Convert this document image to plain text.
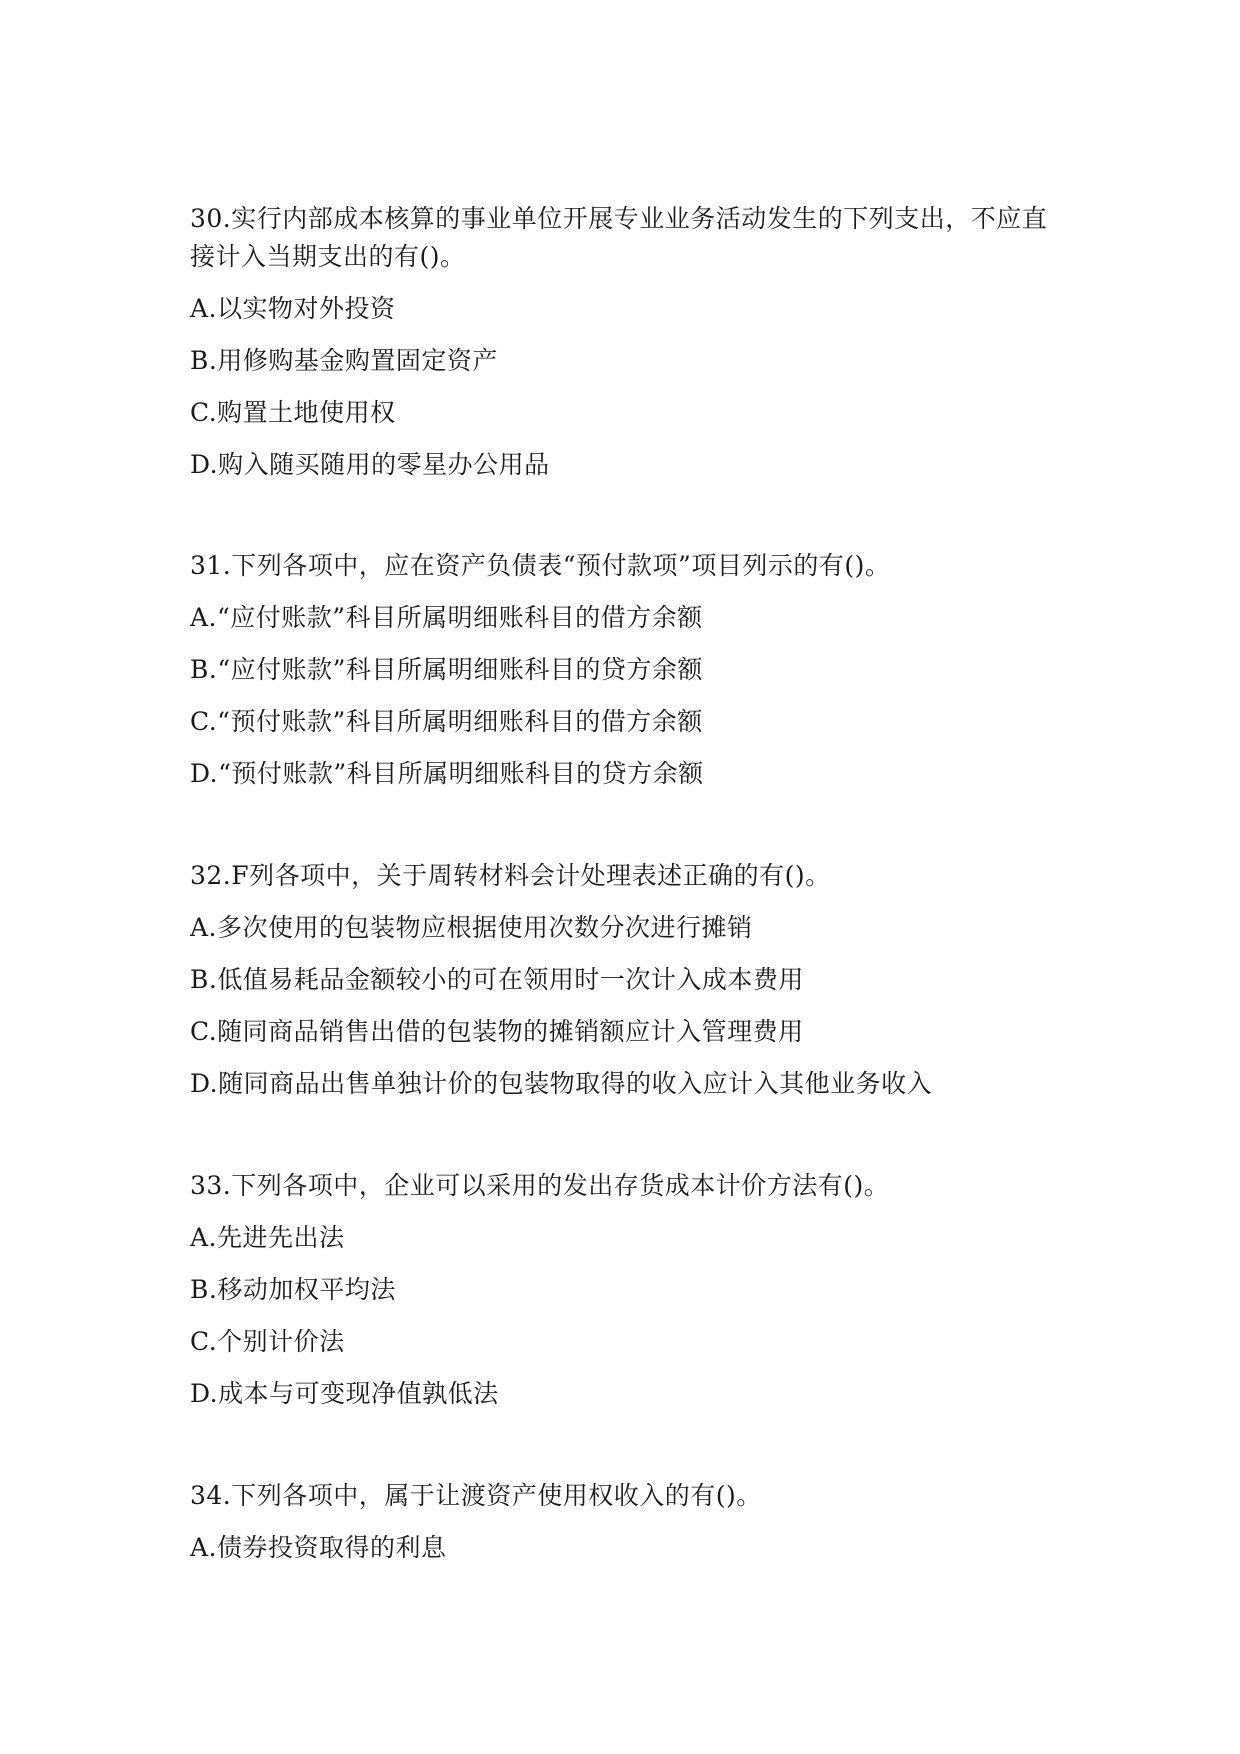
30.实行内部成本核算的事业单位开展专业业务活动发生的下列支出，不应直接计入当期支出的有()。

A.以实物对外投资

B.用修购基金购置固定资产

C.购置土地使用权

D.购入随买随用的零星办公用品

31.下列各项中，应在资产负债表“预付款项”项目列示的有()。

A.“应付账款”科目所属明细账科目的借方余额

B.“应付账款”科目所属明细账科目的贷方余额

C.“预付账款”科目所属明细账科目的借方余额

D.“预付账款”科目所属明细账科目的贷方余额

32.F列各项中，关于周转材料会计处理表述正确的有()。

A.多次使用的包装物应根据使用次数分次进行摊销

B.低值易耗品金额较小的可在领用时一次计入成本费用

C.随同商品销售出借的包装物的摊销额应计入管理费用

D.随同商品出售单独计价的包装物取得的收入应计入其他业务收入

33.下列各项中，企业可以采用的发出存货成本计价方法有()。

A.先进先出法

B.移动加权平均法

C.个别计价法

D.成本与可变现净值孰低法

34.下列各项中，属于让渡资产使用权收入的有()。

A.债券投资取得的利息
